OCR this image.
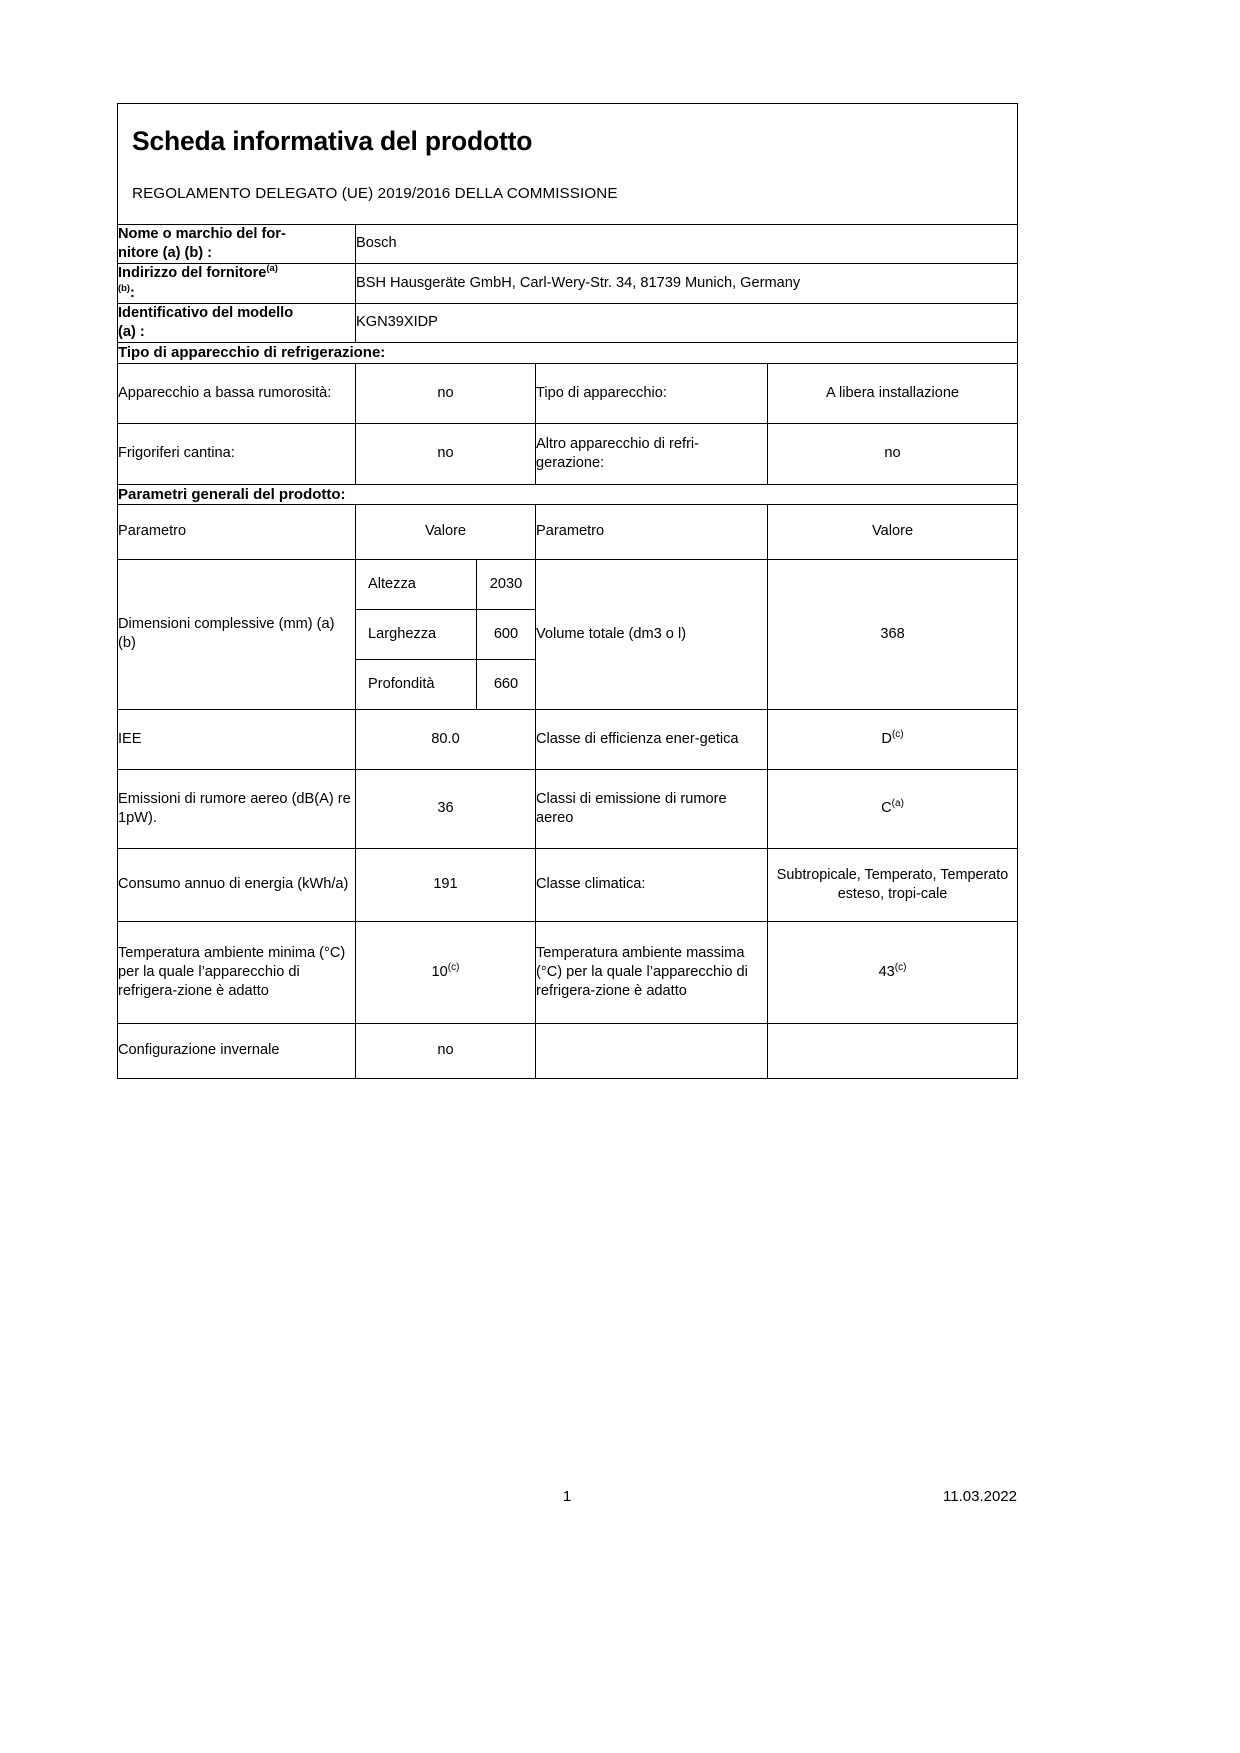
Scheda informativa del prodotto

REGOLAMENTO DELEGATO (UE) 2019/2016 DELLA COMMISSIONE

Nome o marchio del for-
nitore (a) (b) :	Bosch
Indirizzo del fornitore$^{(a)}$
$^{(b)}$:	BSH Hausgeräte GmbH, Carl-Wery-Str. 34, 81739 Munich, Germany
Identificativo del modello
(a) :	KGN39XIDP
Tipo di apparecchio di refrigerazione:
Apparecchio a bassa rumorosità:	no	Tipo di apparecchio:	A libera installazione
Frigoriferi cantina:	no	Altro apparecchio di refri-gerazione:	no
Parametri generali del prodotto:
Parametro	Valore	Parametro	Valore
Dimensioni complessive (mm) (a) (b)	
Altezza	2030
Larghezza	600
Profondità	660
	Volume totale (dm3 o l)	368
IEE	80.0	Classe di efficienza ener-getica	$D^{(c)}$
Emissioni di rumore aereo (dB(A) re 1pW).	36	Classi di emissione di rumore aereo	$C^{(a)}$
Consumo annuo di energia (kWh/a)	191	Classe climatica:	Subtropicale, Temperato, Temperato esteso, tropi-cale
Temperatura ambiente minima (°C) per la quale l’apparecchio di refrigera-zione è adatto	10$^{(c)}$	Temperatura ambiente massima (°C) per la quale l’apparecchio di refrigera-zione è adatto	43$^{(c)}$
Configurazione invernale	no		
1	11.03.2022
